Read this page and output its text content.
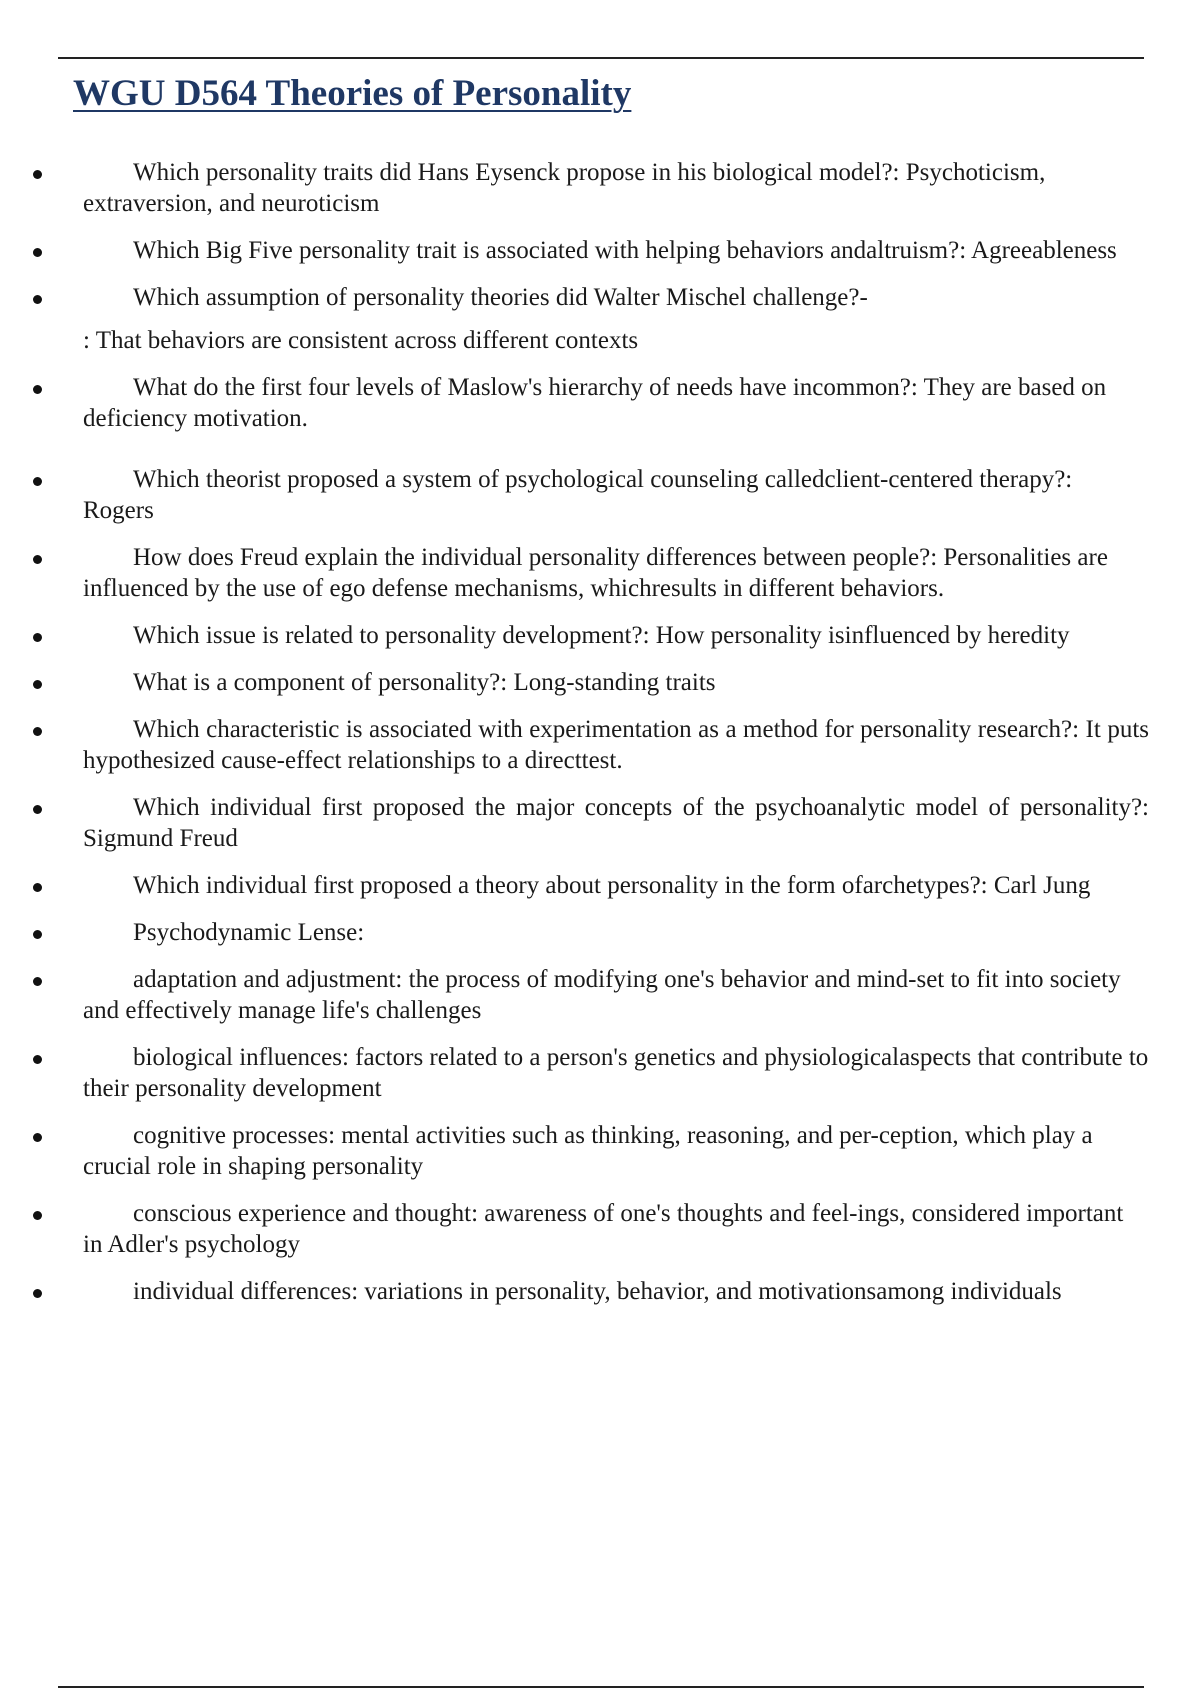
WGU D564 Theories of Personality
Which personality traits did Hans Eysenck propose in his biological model?: Psychoticism, extraversion, and neuroticism
Which Big Five personality trait is associated with helping behaviors andaltruism?: Agreeableness
Which assumption of personality theories did Walter Mischel challenge?-
: That behaviors are consistent across different contexts
What do the first four levels of Maslow's hierarchy of needs have incommon?: They are based on deficiency motivation.
Which theorist proposed a system of psychological counseling calledclient-centered therapy?: Rogers
How does Freud explain the individual personality differences between people?: Personalities are influenced by the use of ego defense mechanisms, whichresults in different behaviors.
Which issue is related to personality development?: How personality isinfluenced by heredity
What is a component of personality?: Long-standing traits
Which characteristic is associated with experimentation as a method for personality research?: It puts hypothesized cause-effect relationships to a directtest.
Which individual first proposed the major concepts of the psychoanalytic model of personality?: Sigmund Freud
Which individual first proposed a theory about personality in the form ofarchetypes?: Carl Jung
Psychodynamic Lense:
adaptation and adjustment: the process of modifying one's behavior and mind-set to fit into society and effectively manage life's challenges
biological influences: factors related to a person's genetics and physiologicalaspects that contribute to their personality development
cognitive processes: mental activities such as thinking, reasoning, and per-ception, which play a crucial role in shaping personality
conscious experience and thought: awareness of one's thoughts and feel-ings, considered important in Adler's psychology
individual differences: variations in personality, behavior, and motivationsamong individuals
